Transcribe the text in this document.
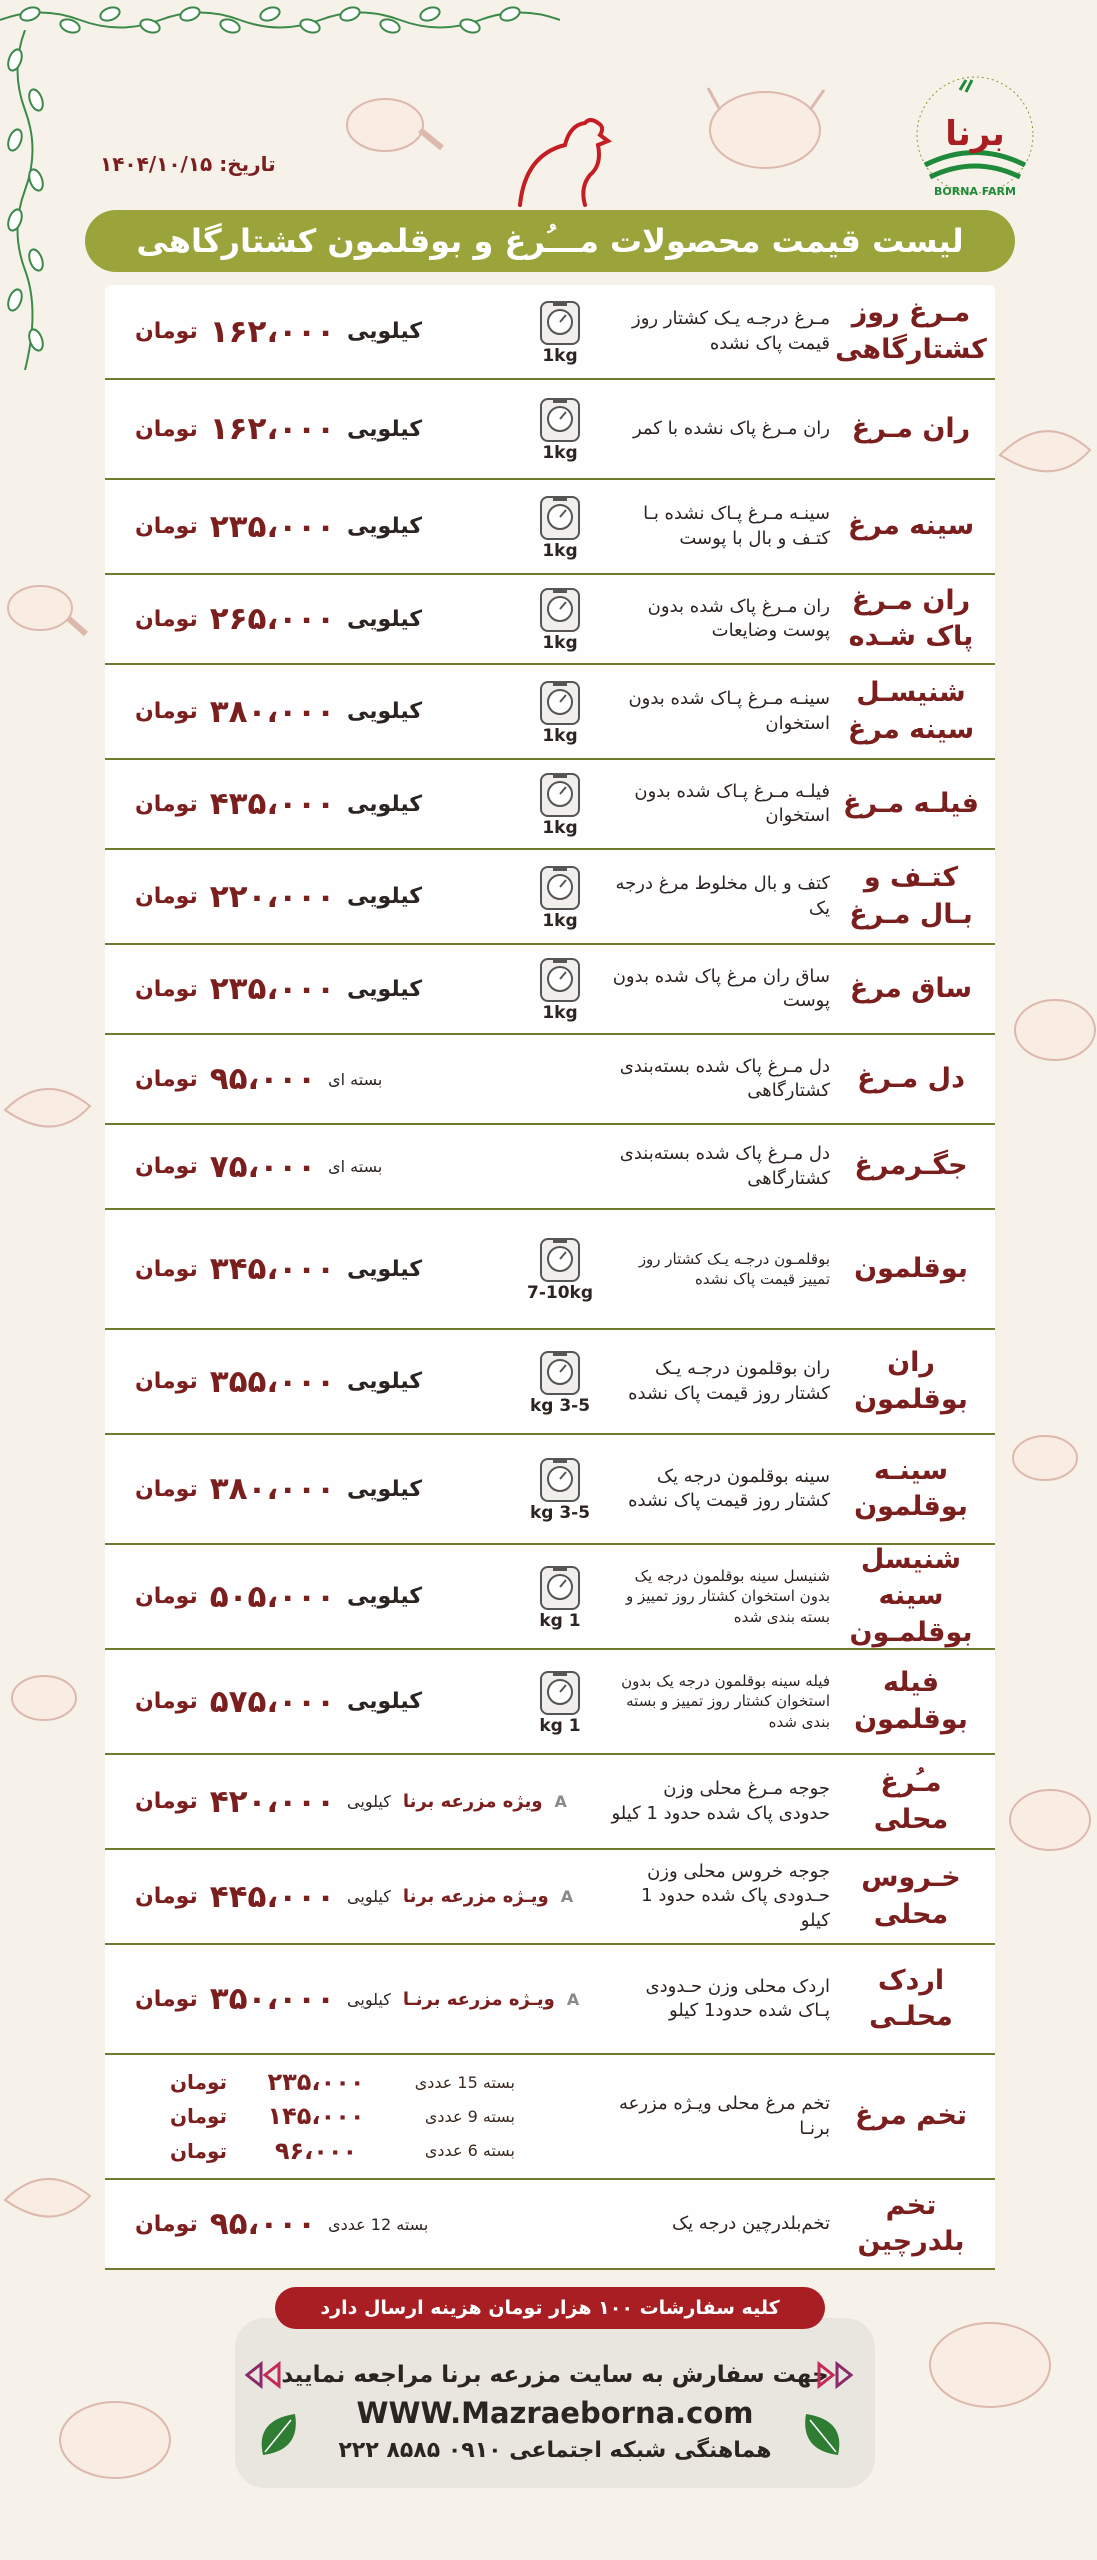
برنا
BORNA FARM
تاریخ: ۱۴۰۴/۱۰/۱۵
لیست قیمت محصولات مـــُرغ و بوقلمون کشتارگاهی
مـرغ روز کشتارگاهی
مـرغ درجـه یـک کشتار روز قیمت پاک نشده
1kg
کیلویی
۱۶۲،۰۰۰
تومان
ران مـرغ
ران مـرغ پاک نشده با کمر
1kg
کیلویی
۱۶۲،۰۰۰
تومان
سینه مرغ
سینـه مـرغ پـاک نشده بـا کتـف و بال با پوست
1kg
کیلویی
۲۳۵،۰۰۰
تومان
ران مـرغ پاک شـده
ران مـرغ پاک شده بدون پوست وضایعات
1kg
کیلویی
۲۶۵،۰۰۰
تومان
شنیسـل سینه مرغ
سینـه مـرغ پـاک شده بدون استخوان
1kg
کیلویی
۳۸۰،۰۰۰
تومان
فیلـه مـرغ
فیلـه مـرغ پـاک شده بدون استخوان
1kg
کیلویی
۴۳۵،۰۰۰
تومان
کتـف و بـال مـرغ
کتف و بال مخلوط مرغ درجه یک
1kg
کیلویی
۲۲۰،۰۰۰
تومان
ساق مرغ
ساق ران مرغ پاک شده بدون پوست
1kg
کیلویی
۲۳۵،۰۰۰
تومان
دل مـرغ
دل مـرغ پاک شده بسته‌بندی کشتارگاهی
بسته ای
۹۵،۰۰۰
تومان
جگـرمرغ
دل مـرغ پاک شده بسته‌بندی کشتارگاهی
بسته ای
۷۵،۰۰۰
تومان
بوقلمون
بوقلمـون درجـه یـک کشتار روز تمییز قیمت پاک نشده
7-10kg
کیلویی
۳۴۵،۰۰۰
تومان
ران بوقلمون
ران بوقلمون درجـه یـک کشتار روز قیمت پاک نشده
3-5 kg
کیلویی
۳۵۵،۰۰۰
تومان
سینـه بوقلمون
سینه بوقلمون درجه یک کشتار روز قیمت پاک نشده
3-5 kg
کیلویی
۳۸۰،۰۰۰
تومان
شنیسل سینه بوقلمـون
شنیسل سینه بوقلمون درجه یک بدون استخوان کشتار روز تمییز و بسته بندی شده
1 kg
کیلویی
۵۰۵،۰۰۰
تومان
فیله بوقلمون
فیله سینه بوقلمون درجه یک بدون استخوان کشتار روز تمییز و بسته بندی شده
1 kg
کیلویی
۵۷۵،۰۰۰
تومان
مـُرغ محلی
جوجه مـرغ محلی وزن حدودی پاک شده حدود 1 کیلو
A
ویژه مزرعه برنا
کیلویی
۴۲۰،۰۰۰
تومان
خـروس محلی
جوجه خروس محلی وزن حـدودی پاک شده حدود 1 کیلو
A
ویـژه مزرعه برنا
کیلویی
۴۴۵،۰۰۰
تومان
اردک محلـی
اردک محلی وزن حـدودی پـاک شده حدود1 کیلو
A
ویـژه مزرعه برنـا
کیلویی
۳۵۰،۰۰۰
تومان
تخم مرغ
تخم مرغ محلی ویـژه مزرعه برنـا
بسته 15 عددی
۲۳۵،۰۰۰
تومان
بسته 9 عددی
۱۴۵،۰۰۰
تومان
بسته 6 عددی
۹۶،۰۰۰
تومان
تخم بلدرچین
تخم‌بلدرچین درجه یک
بسته 12 عددی
۹۵،۰۰۰
تومان
جهت سفارش به سایت مزرعه برنا مراجعه نمایید
WWW.Mazraeborna.com
هماهنگی شبکه اجتماعی ۰۹۱۰ ۸۵۸۵ ۲۲۲
کلیه سفارشات ۱۰۰ هزار تومان هزینه ارسال دارد
